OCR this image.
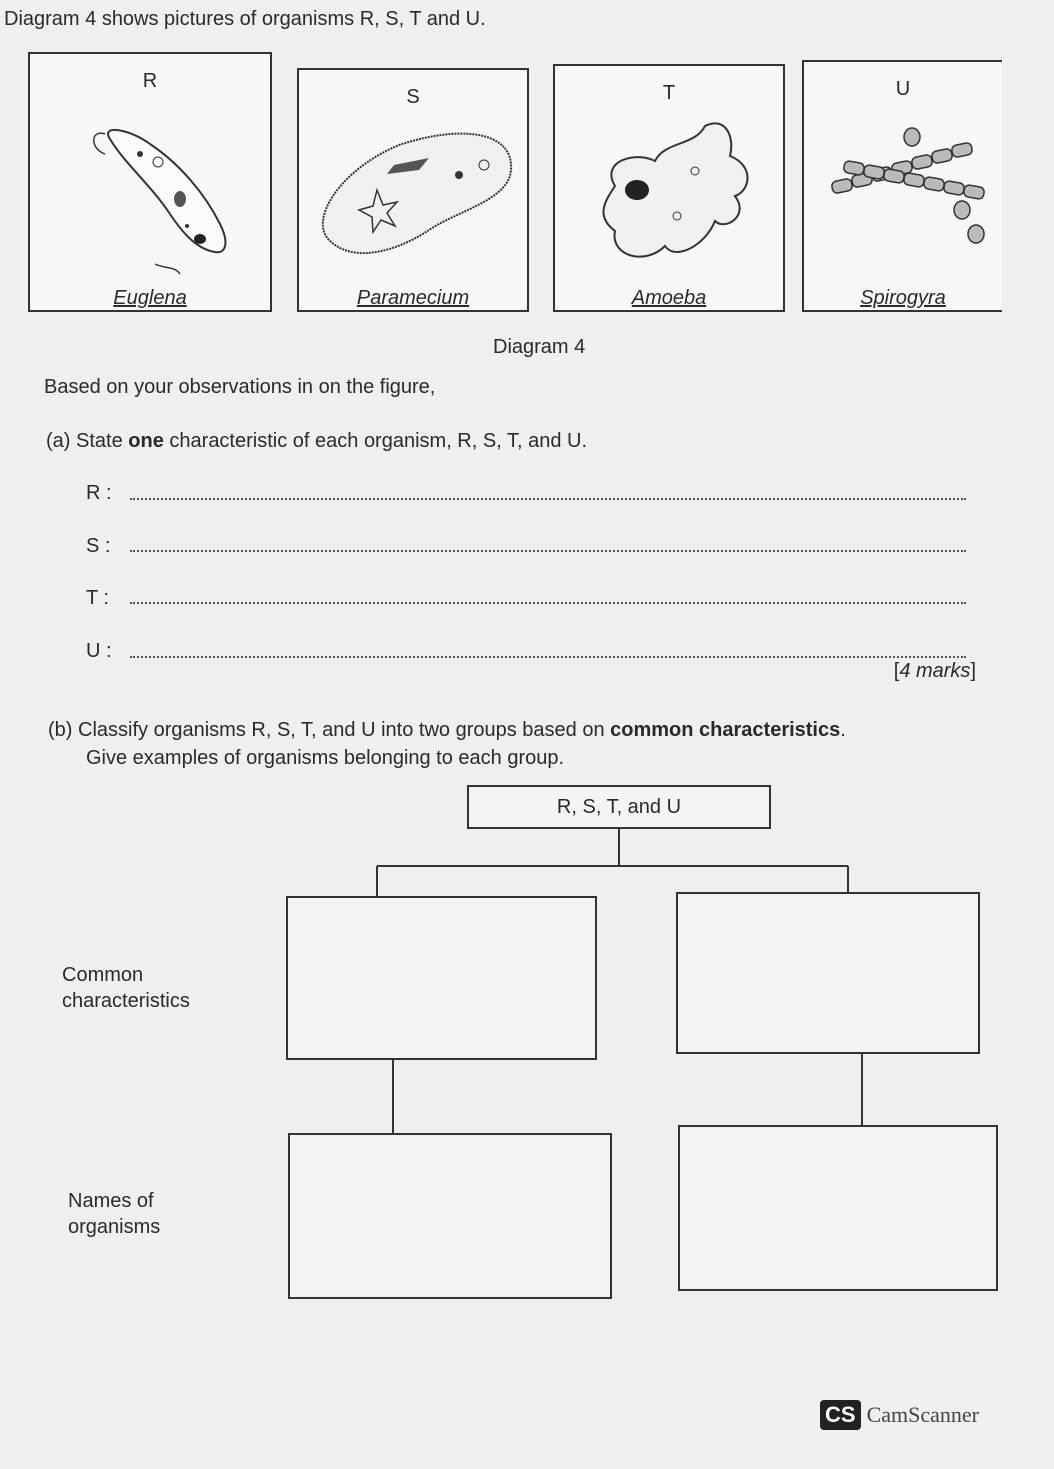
Diagram 4 shows pictures of organisms R, S, T and U.
R
Euglena
S
Paramecium
T
Amoeba
U
Spirogyra
Diagram 4
Based on your observations in on the figure,
(a) State one characteristic of each organism, R, S, T, and U.
R :
S :
T :
U :
[4 marks]
(b) Classify organisms R, S, T, and U into two groups based on common characteristics.
Give examples of organisms belonging to each group.
R, S, T, and U
Common characteristics
Names of organisms
CS CamScanner
